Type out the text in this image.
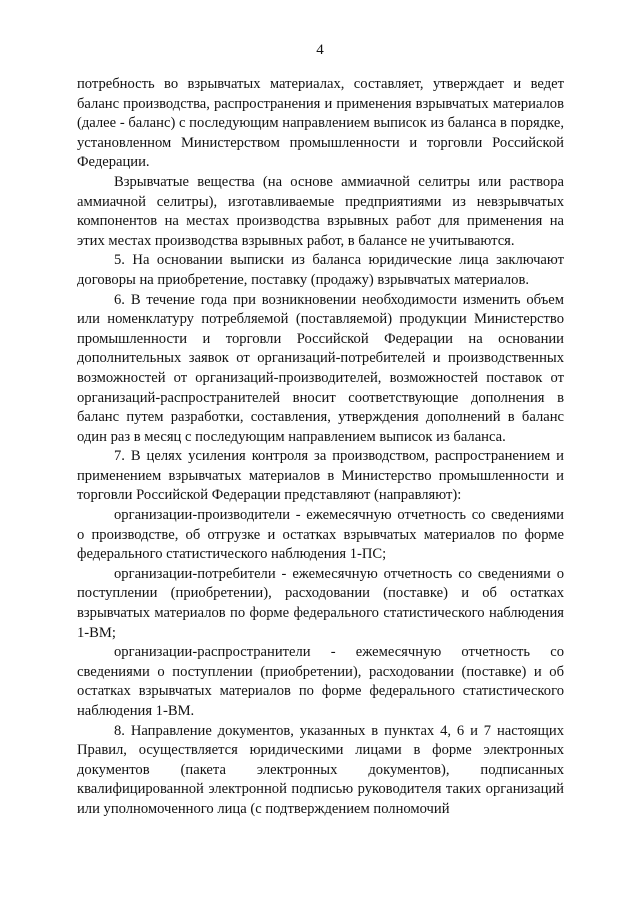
4

потребность во взрывчатых материалах, составляет, утверждает и ведет баланс производства, распространения и применения взрывчатых материалов (далее - баланс) с последующим направлением выписок из баланса в порядке, установленном Министерством промышленности и торговли Российской Федерации.

Взрывчатые вещества (на основе аммиачной селитры или раствора аммиачной селитры), изготавливаемые предприятиями из невзрывчатых компонентов на местах производства взрывных работ для применения на этих местах производства взрывных работ, в балансе не учитываются.

5. На основании выписки из баланса юридические лица заключают договоры на приобретение, поставку (продажу) взрывчатых материалов.

6. В течение года при возникновении необходимости изменить объем или номенклатуру потребляемой (поставляемой) продукции Министерство промышленности и торговли Российской Федерации на основании дополнительных заявок от организаций-потребителей и производственных возможностей от организаций-производителей, возможностей поставок от организаций-распространителей вносит соответствующие дополнения в баланс путем разработки, составления, утверждения дополнений в баланс один раз в месяц с последующим направлением выписок из баланса.

7. В целях усиления контроля за производством, распространением и применением взрывчатых материалов в Министерство промышленности и торговли Российской Федерации представляют (направляют):

организации-производители - ежемесячную отчетность со сведениями о производстве, об отгрузке и остатках взрывчатых материалов по форме федерального статистического наблюдения 1-ПС;

организации-потребители - ежемесячную отчетность со сведениями о поступлении (приобретении), расходовании (поставке) и об остатках взрывчатых материалов по форме федерального статистического наблюдения 1-ВМ;

организации-распространители - ежемесячную отчетность со сведениями о поступлении (приобретении), расходовании (поставке) и об остатках взрывчатых материалов по форме федерального статистического наблюдения 1-ВМ.

8. Направление документов, указанных в пунктах 4, 6 и 7 настоящих Правил, осуществляется юридическими лицами в форме электронных документов (пакета электронных документов), подписанных квалифицированной электронной подписью руководителя таких организаций или уполномоченного лица (с подтверждением полномочий
